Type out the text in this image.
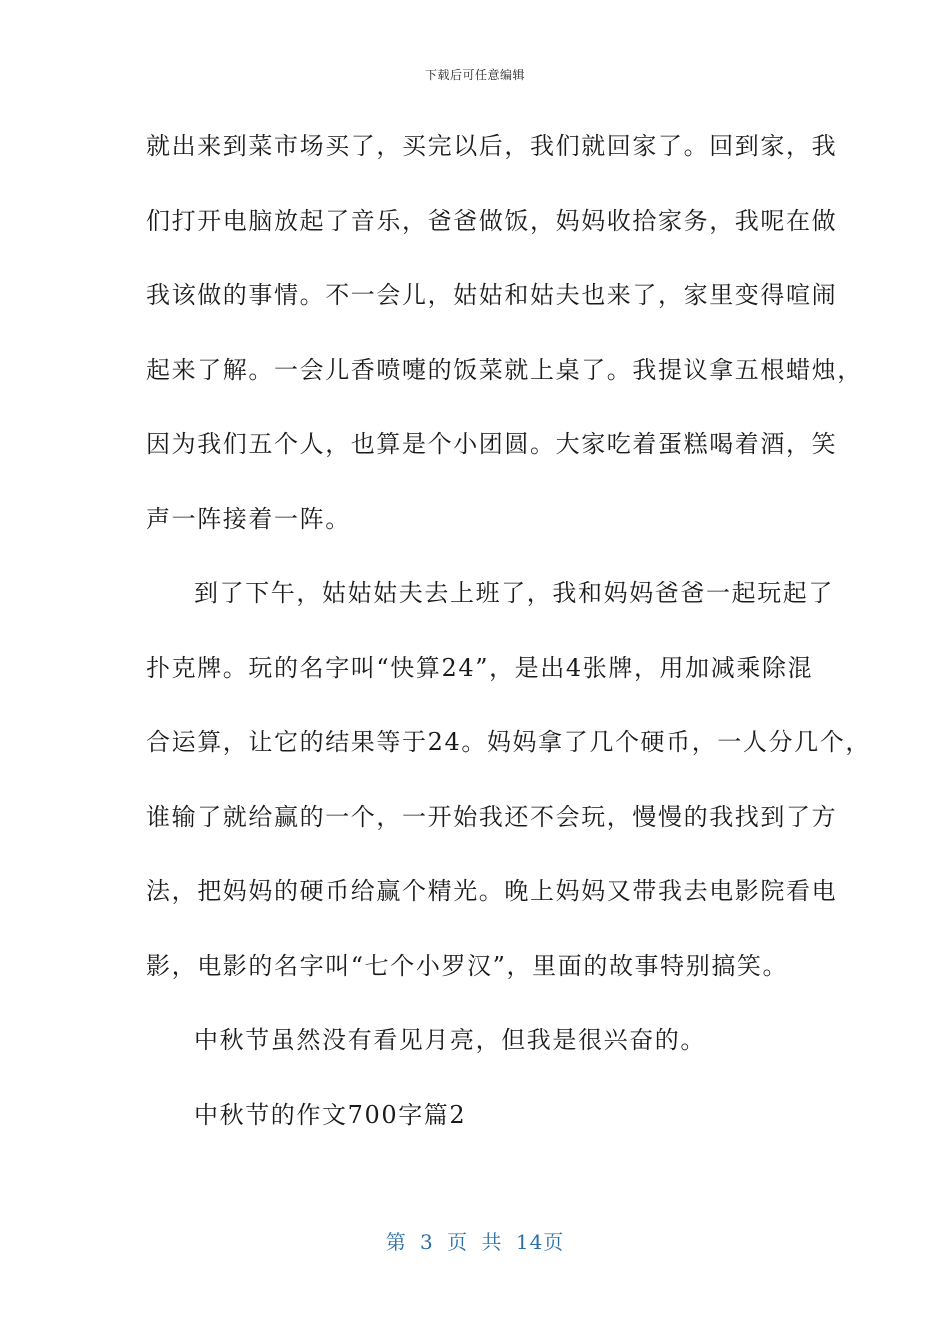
下载后可任意编辑
就出来到菜市场买了，买完以后，我们就回家了。回到家，我
们打开电脑放起了音乐，爸爸做饭，妈妈收拾家务，我呢在做
我该做的事情。不一会儿，姑姑和姑夫也来了，家里变得喧闹
起来了解。一会儿香喷嚏的饭菜就上桌了。我提议拿五根蜡烛，
因为我们五个人，也算是个小团圆。大家吃着蛋糕喝着酒，笑
声一阵接着一阵。
到了下午，姑姑姑夫去上班了，我和妈妈爸爸一起玩起了
扑克牌。玩的名字叫“快算24”，是出4张牌，用加减乘除混
合运算，让它的结果等于24。妈妈拿了几个硬币，一人分几个，
谁输了就给赢的一个，一开始我还不会玩，慢慢的我找到了方
法，把妈妈的硬币给赢个精光。晚上妈妈又带我去电影院看电
影，电影的名字叫“七个小罗汉”，里面的故事特别搞笑。
中秋节虽然没有看见月亮，但我是很兴奋的。
中秋节的作文700字篇2
第 3 页 共 14页
